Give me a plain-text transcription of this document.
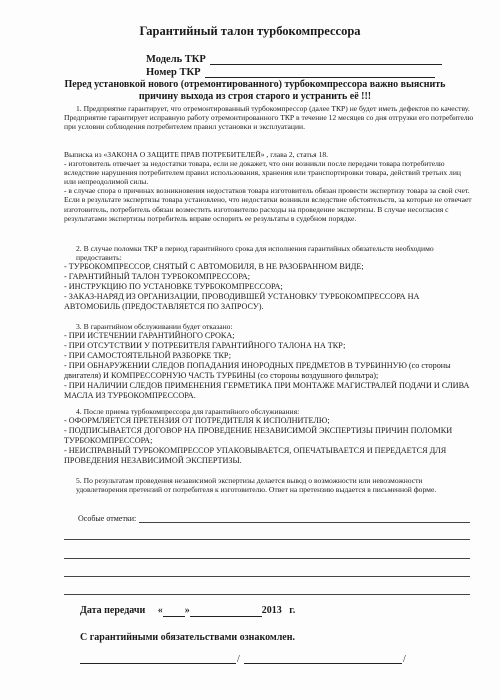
Гарантийный талон турбокомпрессора
Модель ТКР
Номер ТКР
Перед установкой нового (отремонтированного) турбокомпрессора важно выяснить
причину выхода из строя старого и устранить её !!!

1. Предприятие гарантирует, что отремонтированный турбокомпрессор (далее ТКР) не будет иметь дефектов по качеству.

Предприятие гарантирует исправную работу отремонтированного ТКР в течение 12 месяцев со дня отгрузки его потребителю при условии соблюдения потребителем правил установки и эксплуатации.

Выписка из «ЗАКОНА О ЗАЩИТЕ ПРАВ ПОТРЕБИТЕЛЕЙ» , глава 2, статья 18.

- изготовитель отвечает за недостатки товара, если не докажет, что они возникли после передачи товара потребителю вследствие нарушения потребителем правил использования, хранения или транспортировки товара, действий третьих лиц или непреодолимой силы.

- в случае спора о причинах возникновения недостатков товара изготовитель обязан провести экспертизу товара за свой счет. Если в результате экспертизы товара установлено, что недостатки возникли вследствие обстоятельств, за которые не отвечает изготовитель, потребитель обязан возместить изготовителю расходы на проведение экспертизы. В случае несогласия с результатами экспертизы потребитель вправе оспорить ее результаты в судебном порядке.

2. В случае поломки ТКР в период гарантийного срока для исполнения гарантийных обязательств необходимо предоставить:

- ТУРБОКОМПРЕССОР, СНЯТЫЙ С АВТОМОБИЛЯ, В НЕ РАЗОБРАННОМ ВИДЕ;

- ГАРАНТИЙНЫЙ ТАЛОН ТУРБОКОМПРЕССОРА;

- ИНСТРУКЦИЮ ПО УСТАНОВКЕ ТУРБОКОМПРЕССОРА;

- ЗАКАЗ-НАРЯД ИЗ ОРГАНИЗАЦИИ, ПРОВОДИВШЕЙ УСТАНОВКУ ТУРБОКОМПРЕССОРА НА АВТОМОБИЛЬ (ПРЕДОСТАВЛЯЕТСЯ ПО ЗАПРОСУ).

3. В гарантийном обслуживании будет отказано:

- ПРИ ИСТЕЧЕНИИ ГАРАНТИЙНОГО СРОКА;

- ПРИ ОТСУТСТВИИ У ПОТРЕБИТЕЛЯ ГАРАНТИЙНОГО ТАЛОНА НА ТКР;

- ПРИ САМОСТОЯТЕЛЬНОЙ РАЗБОРКЕ ТКР;

- ПРИ ОБНАРУЖЕНИИ СЛЕДОВ ПОПАДАНИЯ ИНОРОДНЫХ ПРЕДМЕТОВ В ТУРБИННУЮ (со стороны двигателя) И КОМПРЕССОРНУЮ ЧАСТЬ ТУРБИНЫ (со стороны воздушного фильтра);

- ПРИ НАЛИЧИИ СЛЕДОВ ПРИМЕНЕНИЯ ГЕРМЕТИКА ПРИ МОНТАЖЕ МАГИСТРАЛЕЙ ПОДАЧИ И СЛИВА МАСЛА ИЗ ТУРБОКОМПРЕССОРА.

4. После приема турбокомпрессора для гарантийного обслуживания:

- ОФОРМЛЯЕТСЯ ПРЕТЕНЗИЯ ОТ ПОТРЕДИТЕЛЯ К ИСПОЛНИТЕЛЮ;

- ПОДПИСЫВАЕТСЯ ДОГОВОР НА ПРОВЕДЕНИЕ НЕЗАВИСИМОЙ ЭКСПЕРТИЗЫ ПРИЧИН ПОЛОМКИ ТУРБОКОМПРЕССОРА;

- НЕИСПРАВНЫЙ ТУРБОКОМПРЕССОР УПАКОВЫВАЕТСЯ, ОПЕЧАТЫВАЕТСЯ И ПЕРЕДАЕТСЯ ДЛЯ ПРОВЕДЕНИЯ НЕЗАВИСИМОЙ ЭКСПЕРТИЗЫ.

5. По результатам проведения независимой экспертизы делается вывод о возможности или невозможности удовлетворения претензий от потребителя к изготовителю. Ответ на претензию выдается в письменной форме.

Особые отметки:
Дата передачи « »	2013 г.
С гарантийными обязательствами ознакомлен.
/	/
